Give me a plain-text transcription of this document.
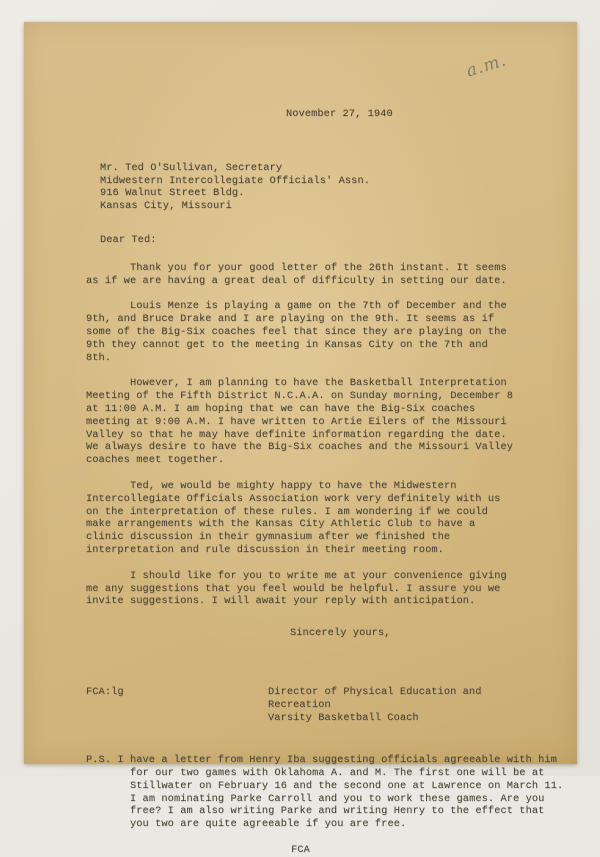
a.m.
November 27, 1940
Mr. Ted O'Sullivan, Secretary
Midwestern Intercollegiate Officials' Assn.
916 Walnut Street Bldg.
Kansas City, Missouri
Dear Ted:

Thank you for your good letter of the 26th instant. It seems as if we are having a great deal of difficulty in setting our date.

Louis Menze is playing a game on the 7th of December and the 9th, and Bruce Drake and I are playing on the 9th. It seems as if some of the Big-Six coaches feel that since they are playing on the 9th they cannot get to the meeting in Kansas City on the 7th and 8th.

However, I am planning to have the Basketball Interpretation Meeting of the Fifth District N.C.A.A. on Sunday morning, December 8 at 11:00 A.M. I am hoping that we can have the Big-Six coaches meeting at 9:00 A.M. I have written to Artie Eilers of the Missouri Valley so that he may have definite information regarding the date. We always desire to have the Big-Six coaches and the Missouri Valley coaches meet together.

Ted, we would be mighty happy to have the Midwestern Intercollegiate Officials Association work very definitely with us on the interpretation of these rules. I am wondering if we could make arrangements with the Kansas City Athletic Club to have a clinic discussion in their gymnasium after we finished the interpretation and rule discussion in their meeting room.

I should like for you to write me at your convenience giving me any suggestions that you feel would be helpful. I assure you we invite suggestions. I will await your reply with anticipation.

Sincerely yours,
FCA:lg	Director of Physical Education and Recreation
Varsity Basketball Coach

P.S. I have a letter from Henry Iba suggesting officials agreeable with him for our two games with Oklahoma A. and M. The first one will be at Stillwater on February 16 and the second one at Lawrence on March 11. I am nominating Parke Carroll and you to work these games. Are you free? I am also writing Parke and writing Henry to the effect that you two are quite agreeable if you are free.

FCA
